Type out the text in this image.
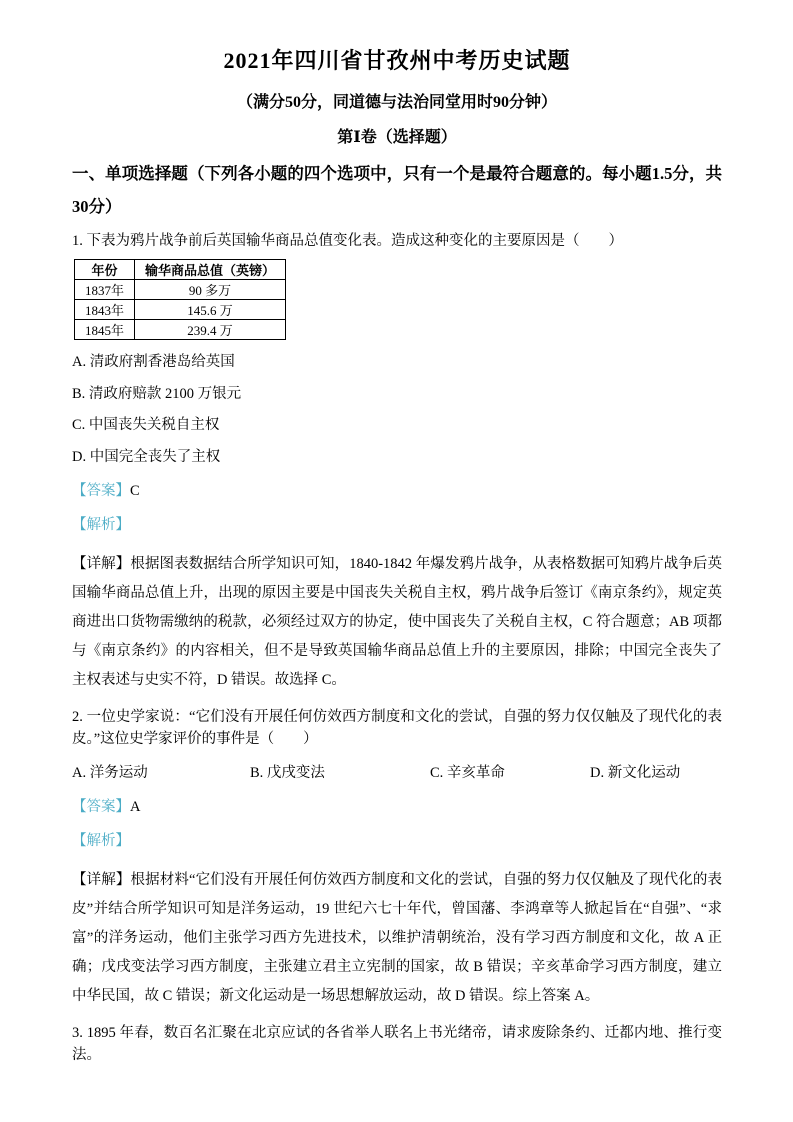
2021年四川省甘孜州中考历史试题
（满分50分，同道德与法治同堂用时90分钟）
第Ⅰ卷（选择题）
一、单项选择题（下列各小题的四个选项中，只有一个是最符合题意的。每小题1.5分，共30分）
1. 下表为鸦片战争前后英国输华商品总值变化表。造成这种变化的主要原因是（　　）
年份	输华商品总值（英镑）
1837年	90 多万
1843年	145.6 万
1845年	239.4 万
A. 清政府割香港岛给英国
B. 清政府赔款 2100 万银元
C. 中国丧失关税自主权
D. 中国完全丧失了主权
【答案】C
【解析】
【详解】根据图表数据结合所学知识可知，1840-1842 年爆发鸦片战争，从表格数据可知鸦片战争后英国输华商品总值上升，出现的原因主要是中国丧失关税自主权，鸦片战争后签订《南京条约》，规定英商进出口货物需缴纳的税款，必须经过双方的协定，使中国丧失了关税自主权，C 符合题意；AB 项都与《南京条约》的内容相关，但不是导致英国输华商品总值上升的主要原因，排除；中国完全丧失了主权表述与史实不符，D 错误。故选择 C。
2. 一位史学家说：“它们没有开展任何仿效西方制度和文化的尝试，自强的努力仅仅触及了现代化的表皮。”这位史学家评价的事件是（　　）
A. 洋务运动	B. 戊戌变法	C. 辛亥革命	D. 新文化运动
【答案】A
【解析】
【详解】根据材料“它们没有开展任何仿效西方制度和文化的尝试，自强的努力仅仅触及了现代化的表皮”并结合所学知识可知是洋务运动，19 世纪六七十年代，曾国藩、李鸿章等人掀起旨在“自强”、“求富”的洋务运动，他们主张学习西方先进技术，以维护清朝统治，没有学习西方制度和文化，故 A 正确；戊戌变法学习西方制度，主张建立君主立宪制的国家，故 B 错误；辛亥革命学习西方制度，建立中华民国，故 C 错误；新文化运动是一场思想解放运动，故 D 错误。综上答案 A。
3. 1895 年春，数百名汇聚在北京应试的各省举人联名上书光绪帝，请求废除条约、迁都内地、推行变法。
